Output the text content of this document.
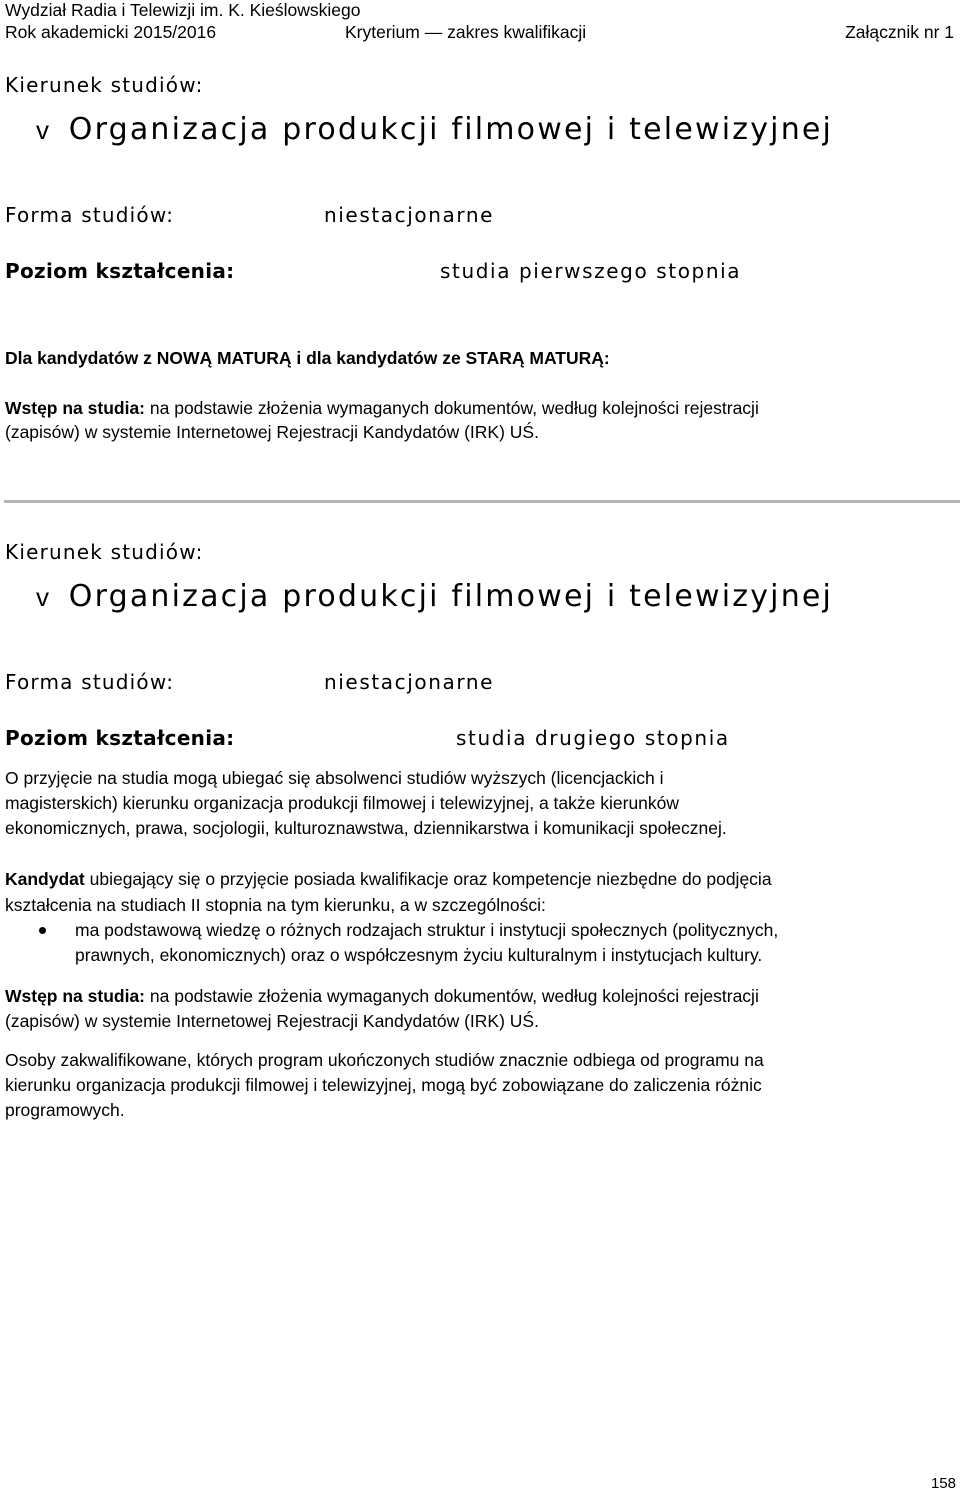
Wydział Radia i Telewizji im. K. Kieślowskiego
Rok akademicki 2015/2016	Kryterium — zakres kwalifikacji	Załącznik nr 1
Kierunek studiów:
v Organizacja produkcji filmowej i telewizyjnej
Forma studiów:	niestacjonarne
Poziom kształcenia:	studia pierwszego stopnia
Dla kandydatów z NOWĄ MATURĄ i dla kandydatów ze STARĄ MATURĄ:
Wstęp na studia: na podstawie złożenia wymaganych dokumentów, według kolejności rejestracji
(zapisów) w systemie Internetowej Rejestracji Kandydatów (IRK) UŚ.
Kierunek studiów:
v Organizacja produkcji filmowej i telewizyjnej
Forma studiów:	niestacjonarne
Poziom kształcenia:	studia drugiego stopnia
O przyjęcie na studia mogą ubiegać się absolwenci studiów wyższych (licencjackich i
magisterskich) kierunku organizacja produkcji filmowej i telewizyjnej, a także kierunków
ekonomicznych, prawa, socjologii, kulturoznawstwa, dziennikarstwa i komunikacji społecznej.
Kandydat ubiegający się o przyjęcie posiada kwalifikacje oraz kompetencje niezbędne do podjęcia
kształcenia na studiach II stopnia na tym kierunku, a w szczególności:
ma podstawową wiedzę o różnych rodzajach struktur i instytucji społecznych (politycznych,
prawnych, ekonomicznych) oraz o współczesnym życiu kulturalnym i instytucjach kultury.
Wstęp na studia: na podstawie złożenia wymaganych dokumentów, według kolejności rejestracji
(zapisów) w systemie Internetowej Rejestracji Kandydatów (IRK) UŚ.
Osoby zakwalifikowane, których program ukończonych studiów znacznie odbiega od programu na
kierunku organizacja produkcji filmowej i telewizyjnej, mogą być zobowiązane do zaliczenia różnic
programowych.
158
